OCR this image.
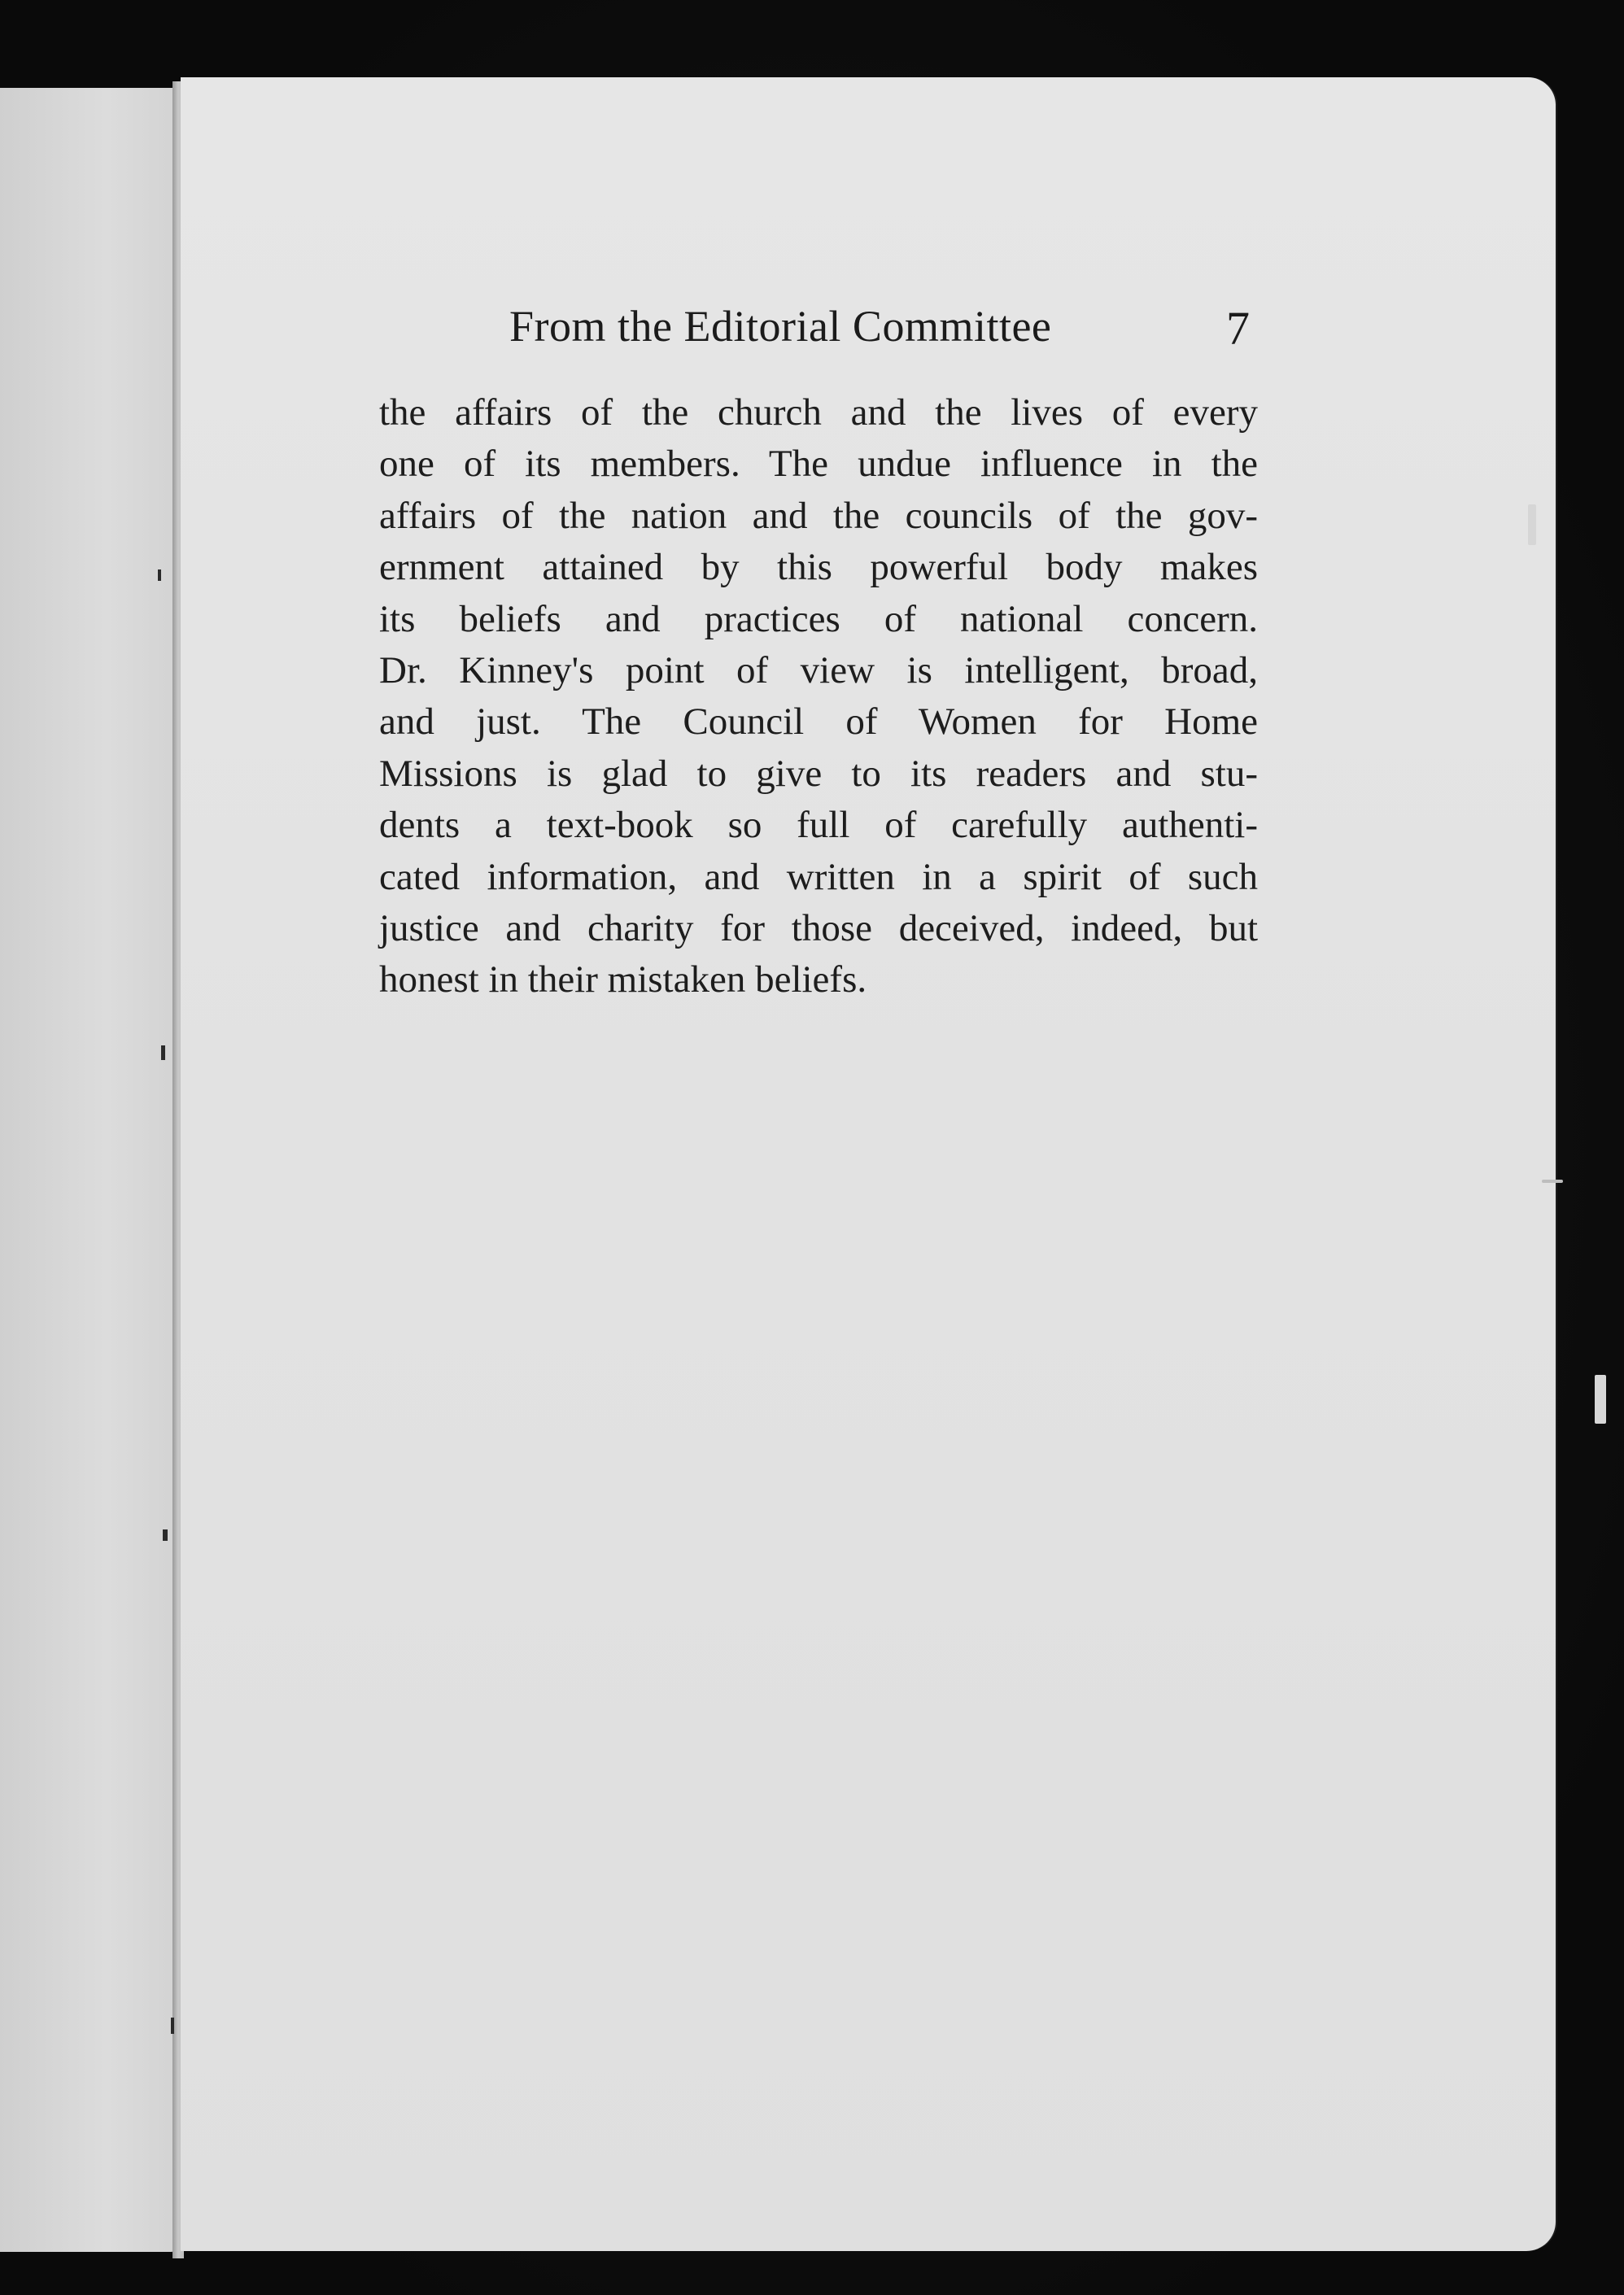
From the Editorial Committee	7
the affairs of the church and the lives of every
one of its members. The undue influence in the
affairs of the nation and the councils of the gov-
ernment attained by this powerful body makes
its beliefs and practices of national concern.
Dr. Kinney's point of view is intelligent, broad,
and just. The Council of Women for Home
Missions is glad to give to its readers and stu-
dents a text-book so full of carefully authenti-
cated information, and written in a spirit of such
justice and charity for those deceived, indeed, but
honest in their mistaken beliefs.
